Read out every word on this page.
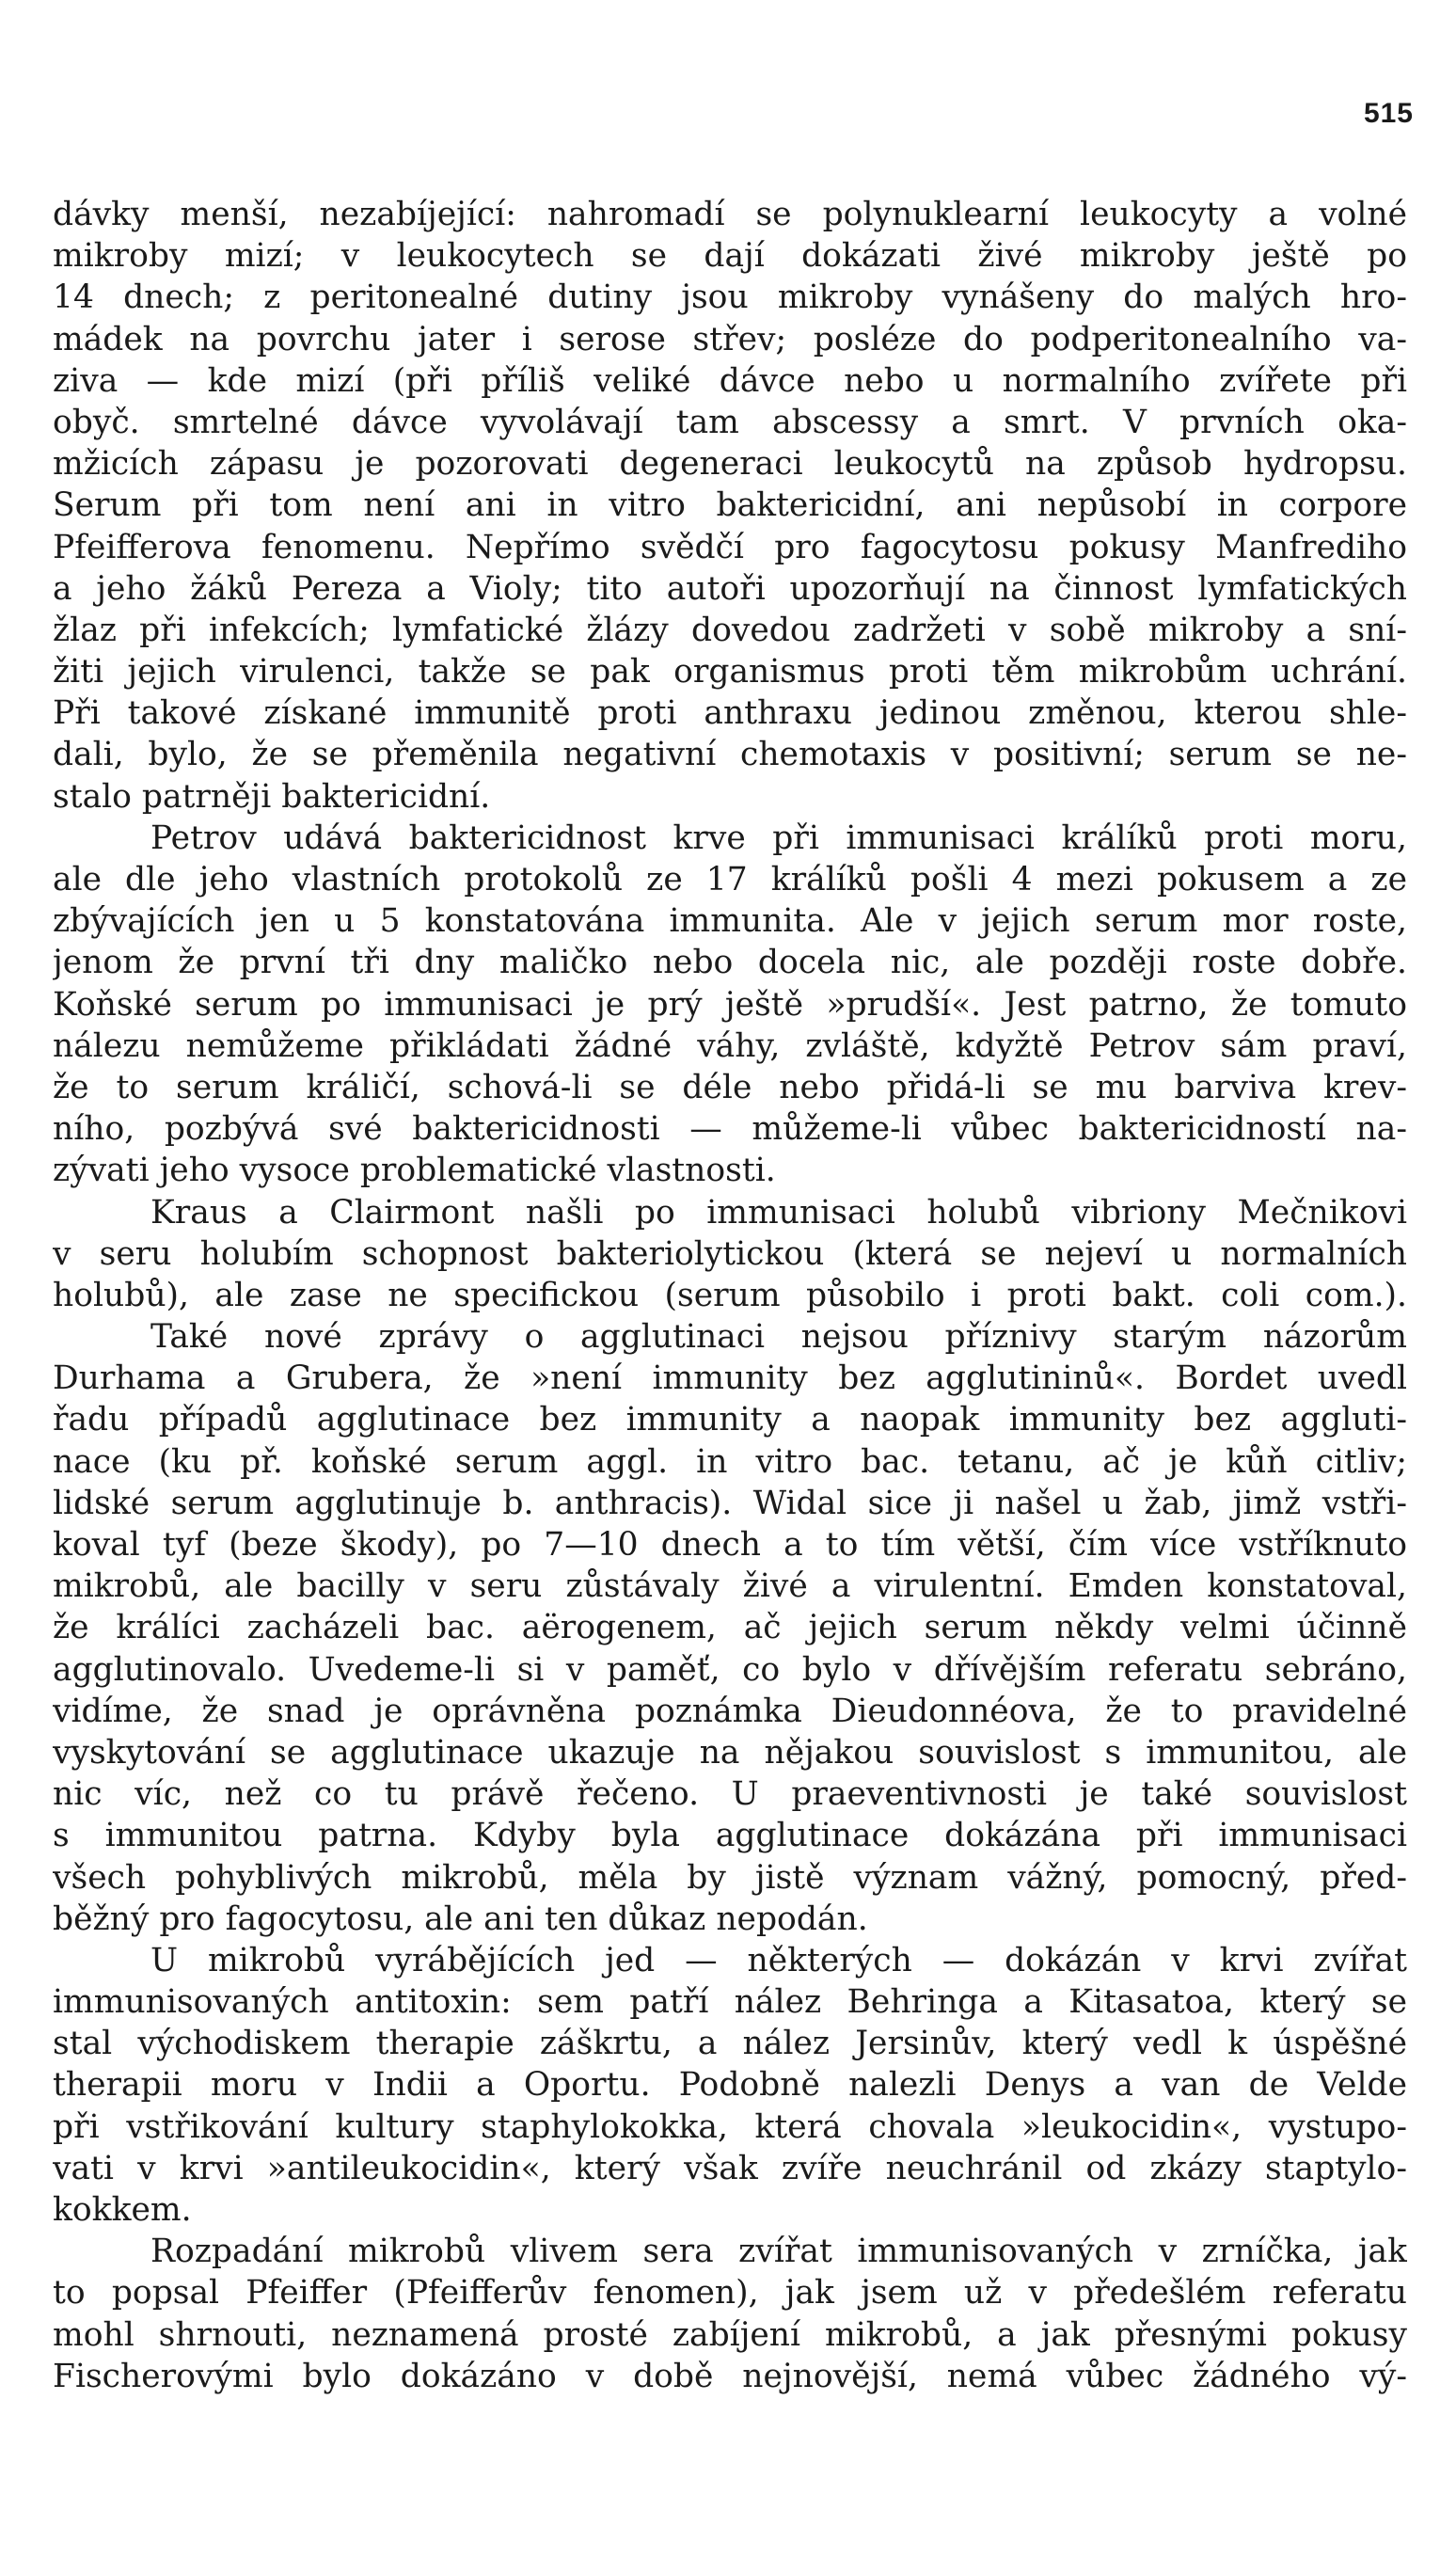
515
dávky menší, nezabíjející: nahromadí se polynuklearní leukocyty a volné
mikroby mizí; v leukocytech se dají dokázati živé mikroby ještě po
14 dnech; z peritonealné dutiny jsou mikroby vynášeny do malých hro-
mádek na povrchu jater i serose střev; posléze do podperitonealního va-
ziva — kde mizí (při příliš veliké dávce nebo u normalního zvířete při
obyč. smrtelné dávce vyvolávají tam abscessy a smrt. V prvních oka-
mžicích zápasu je pozorovati degeneraci leukocytů na způsob hydropsu.
Serum při tom není ani in vitro baktericidní, ani nepůsobí in corpore
Pfeifferova fenomenu. Nepřímo svědčí pro fagocytosu pokusy Manfrediho
a jeho žáků Pereza a Violy; tito autoři upozorňují na činnost lymfatických
žlaz při infekcích; lymfatické žlázy dovedou zadržeti v sobě mikroby a sní-
žiti jejich virulenci, takže se pak organismus proti těm mikrobům uchrání.
Při takové získané immunitě proti anthraxu jedinou změnou, kterou shle-
dali, bylo, že se přeměnila negativní chemotaxis v positivní; serum se ne-
stalo patrněji baktericidní.
Petrov udává baktericidnost krve při immunisaci králíků proti moru,
ale dle jeho vlastních protokolů ze 17 králíků pošli 4 mezi pokusem a ze
zbývajících jen u 5 konstatována immunita. Ale v jejich serum mor roste,
jenom že první tři dny maličko nebo docela nic, ale později roste dobře.
Koňské serum po immunisaci je prý ještě »prudší«. Jest patrno, že tomuto
nálezu nemůžeme přikládati žádné váhy, zvláště, kdyžtě Petrov sám praví,
že to serum králičí, schová-li se déle nebo přidá-li se mu barviva krev-
ního, pozbývá své baktericidnosti — můžeme-li vůbec baktericidností na-
zývati jeho vysoce problematické vlastnosti.
Kraus a Clairmont našli po immunisaci holubů vibriony Mečnikovi
v seru holubím schopnost bakteriolytickou (která se nejeví u normalních
holubů), ale zase ne specifickou (serum působilo i proti bakt. coli com.).
Také nové zprávy o agglutinaci nejsou příznivy starým názorům
Durhama a Grubera, že »není immunity bez agglutininů«. Bordet uvedl
řadu případů agglutinace bez immunity a naopak immunity bez aggluti-
nace (ku př. koňské serum aggl. in vitro bac. tetanu, ač je kůň citliv;
lidské serum agglutinuje b. anthracis). Widal sice ji našel u žab, jimž vstři-
koval tyf (beze škody), po 7—10 dnech a to tím větší, čím více vstříknuto
mikrobů, ale bacilly v seru zůstávaly živé a virulentní. Emden konstatoval,
že králíci zacházeli bac. aërogenem, ač jejich serum někdy velmi účinně
agglutinovalo. Uvedeme-li si v paměť, co bylo v dřívějším referatu sebráno,
vidíme, že snad je oprávněna poznámka Dieudonnéova, že to pravidelné
vyskytování se agglutinace ukazuje na nějakou souvislost s immunitou, ale
nic víc, než co tu právě řečeno. U praeventivnosti je také souvislost
s immunitou patrna. Kdyby byla agglutinace dokázána při immunisaci
všech pohyblivých mikrobů, měla by jistě význam vážný, pomocný, před-
běžný pro fagocytosu, ale ani ten důkaz nepodán.
U mikrobů vyrábějících jed — některých — dokázán v krvi zvířat
immunisovaných antitoxin: sem patří nález Behringa a Kitasatoa, který se
stal východiskem therapie záškrtu, a nález Jersinův, který vedl k úspěšné
therapii moru v Indii a Oportu. Podobně nalezli Denys a van de Velde
při vstřikování kultury staphylokokka, která chovala »leukocidin«, vystupo-
vati v krvi »antileukocidin«, který však zvíře neuchránil od zkázy staptylo-
kokkem.
Rozpadání mikrobů vlivem sera zvířat immunisovaných v zrníčka, jak
to popsal Pfeiffer (Pfeifferův fenomen), jak jsem už v předešlém referatu
mohl shrnouti, neznamená prosté zabíjení mikrobů, a jak přesnými pokusy
Fischerovými bylo dokázáno v době nejnovější, nemá vůbec žádného vý-
